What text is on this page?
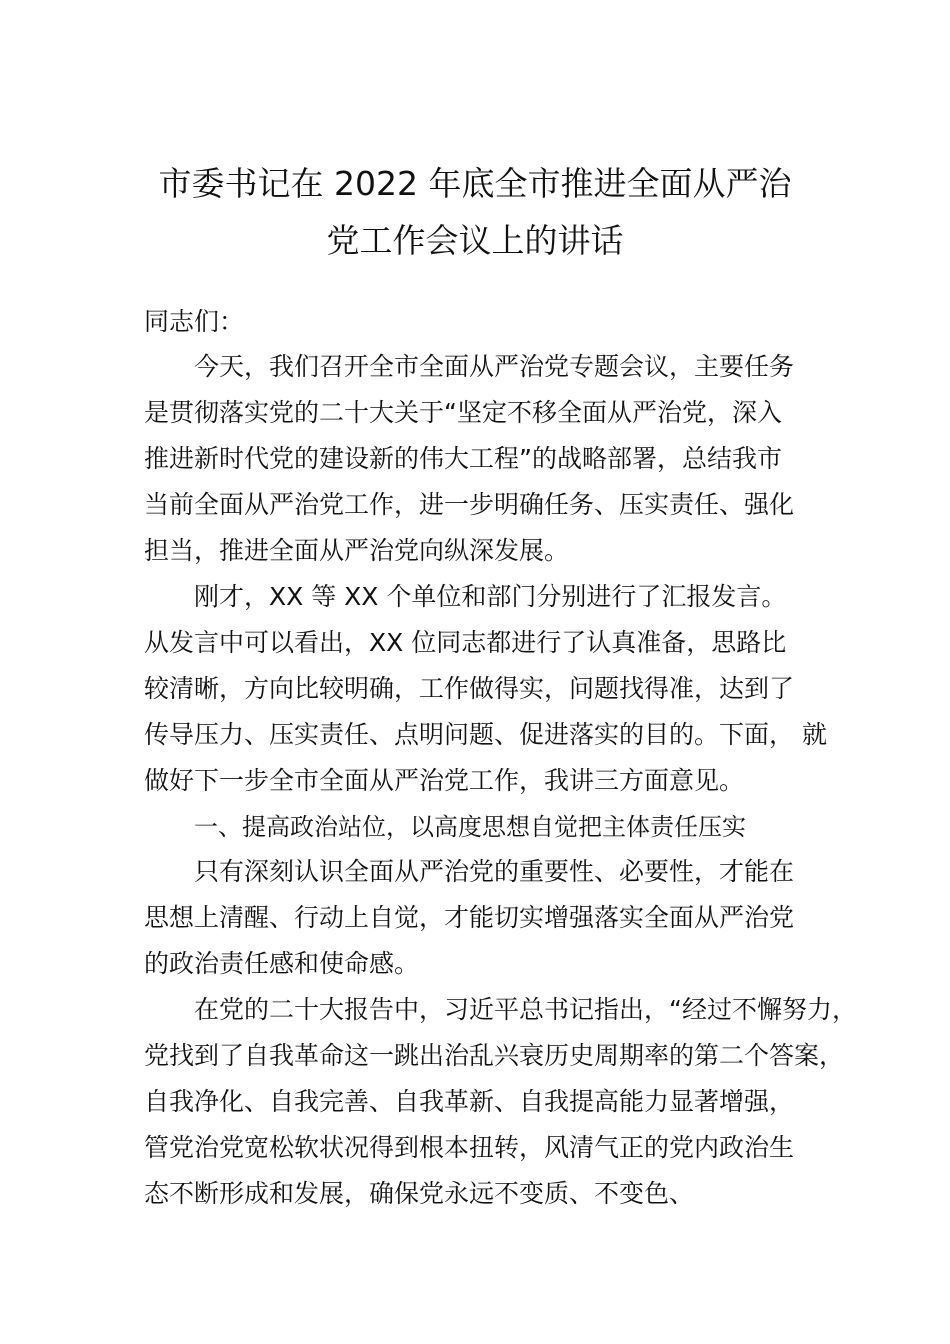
市委书记在 2022 年底全市推进全面从严治
党工作会议上的讲话
同志们：
今天，我们召开全市全面从严治党专题会议，主要任务
是贯彻落实党的二十大关于“坚定不移全面从严治党，深入
推进新时代党的建设新的伟大工程”的战略部署，总结我市
当前全面从严治党工作，进一步明确任务、压实责任、强化
担当，推进全面从严治党向纵深发展。
刚才，XX 等 XX 个单位和部门分别进行了汇报发言。
从发言中可以看出，XX 位同志都进行了认真准备，思路比
较清晰，方向比较明确，工作做得实，问题找得准，达到了
传导压力、压实责任、点明问题、促进落实的目的。下面， 就
做好下一步全市全面从严治党工作，我讲三方面意见。
一、提高政治站位，以高度思想自觉把主体责任压实
只有深刻认识全面从严治党的重要性、必要性，才能在
思想上清醒、行动上自觉，才能切实增强落实全面从严治党
的政治责任感和使命感。
在党的二十大报告中，习近平总书记指出，“经过不懈努力，
党找到了自我革命这一跳出治乱兴衰历史周期率的第二个答案，
自我净化、自我完善、自我革新、自我提高能力显著增强，
管党治党宽松软状况得到根本扭转，风清气正的党内政治生
态不断形成和发展，确保党永远不变质、不变色、
